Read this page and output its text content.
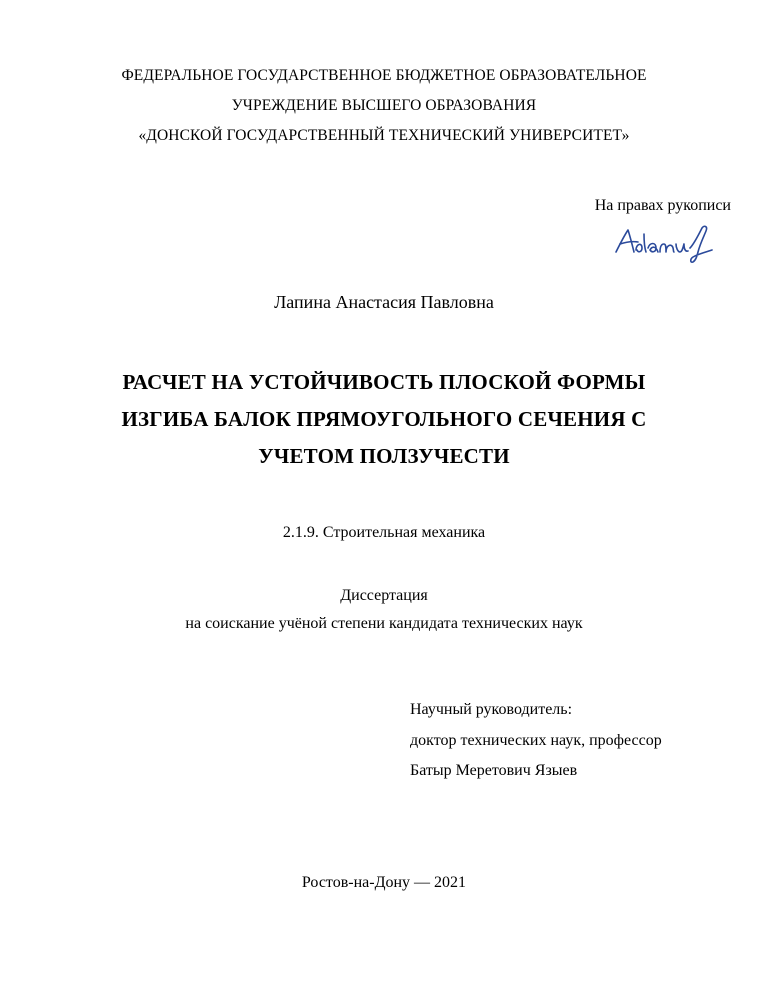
ФЕДЕРАЛЬНОЕ ГОСУДАРСТВЕННОЕ БЮДЖЕТНОЕ ОБРАЗОВАТЕЛЬНОЕ
УЧРЕЖДЕНИЕ ВЫСШЕГО ОБРАЗОВАНИЯ
«ДОНСКОЙ ГОСУДАРСТВЕННЫЙ ТЕХНИЧЕСКИЙ УНИВЕРСИТЕТ»
На правах рукописи
Лапина Анастасия Павловна
РАСЧЕТ НА УСТОЙЧИВОСТЬ ПЛОСКОЙ ФОРМЫ
ИЗГИБА БАЛОК ПРЯМОУГОЛЬНОГО СЕЧЕНИЯ С
УЧЕТОМ ПОЛЗУЧЕСТИ
2.1.9. Строительная механика
Диссертация
на соискание учёной степени кандидата технических наук
Научный руководитель:
доктор технических наук, профессор
Батыр Меретович Языев
Ростов-на-Дону — 2021
